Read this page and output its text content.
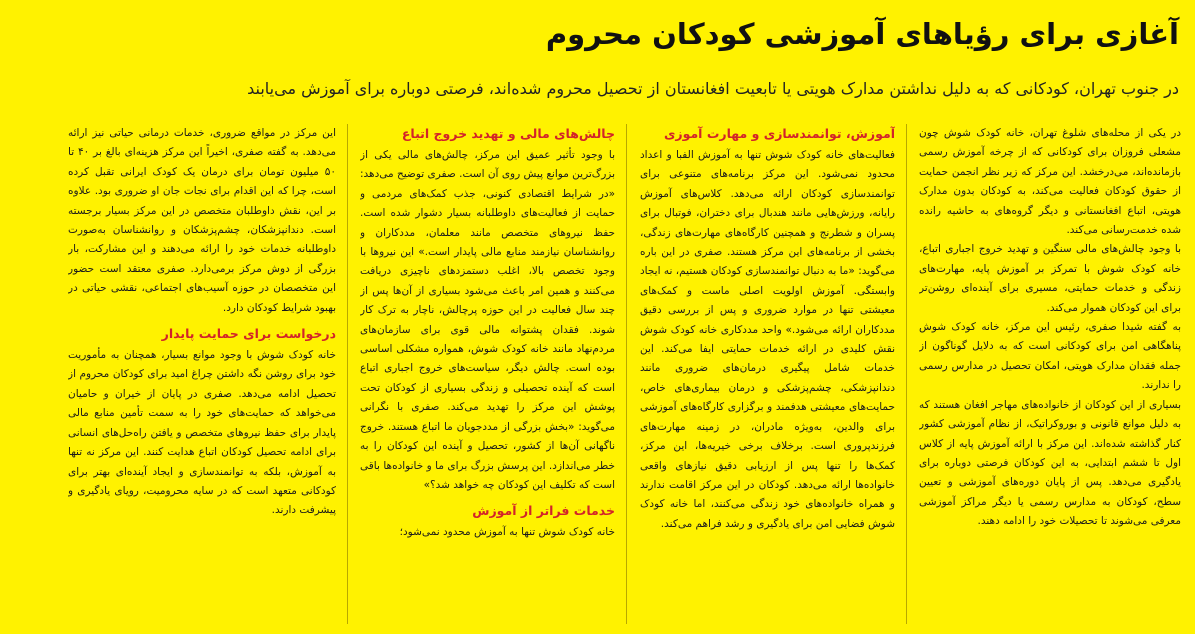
آغازی برای رؤیاهای آموزشی کودکان محروم

در جنوب تهران، کودکانی که به دلیل نداشتن مدارک هویتی یا تابعیت افغانستان از تحصیل محروم شده‌اند، فرصتی دوباره برای آموزش می‌یابند

در یکی از محله‌های شلوغ تهران، خانه کودک شوش چون مشعلی فروزان برای کودکانی که از چرخه آموزش رسمی بازمانده‌اند، می‌درخشد. این مرکز که زیر نظر انجمن حمایت از حقوق کودکان فعالیت می‌کند، به کودکان بدون مدارک هویتی، اتباع افغانستانی و دیگر گروه‌های به حاشیه رانده شده خدمت‌رسانی می‌کند.

با وجود چالش‌های مالی سنگین و تهدید خروج اجباری اتباع، خانه کودک شوش با تمرکز بر آموزش پایه، مهارت‌های زندگی و خدمات حمایتی، مسیری برای آینده‌ای روشن‌تر برای این کودکان هموار می‌کند.

به گفته شیدا صفری، رئیس این مرکز، خانه کودک شوش پناهگاهی امن برای کودکانی است که به دلایل گوناگون از جمله فقدان مدارک هویتی، امکان تحصیل در مدارس رسمی را ندارند.

بسیاری از این کودکان از خانواده‌های مهاجر افغان هستند که به دلیل موانع قانونی و بوروکراتیک، از نظام آموزشی کشور کنار گذاشته شده‌اند. این مرکز با ارائه آموزش پایه از کلاس اول تا ششم ابتدایی، به این کودکان فرصتی دوباره برای یادگیری می‌دهد. پس از پایان دوره‌های آموزشی و تعیین سطح، کودکان به مدارس رسمی یا دیگر مراکز آموزشی معرفی می‌شوند تا تحصیلات خود را ادامه دهند.

آموزش، توانمندسازی و مهارت آموزی

فعالیت‌های خانه کودک شوش تنها به آموزش الفبا و اعداد محدود نمی‌شود. این مرکز برنامه‌های متنوعی برای توانمندسازی کودکان ارائه می‌دهد. کلاس‌های آموزش رایانه، ورزش‌هایی مانند هندبال برای دختران، فوتبال برای پسران و شطرنج و همچنین کارگاه‌های مهارت‌های زندگی، بخشی از برنامه‌های این مرکز هستند. صفری در این باره می‌گوید: «ما به دنبال توانمندسازی کودکان هستیم، نه ایجاد وابستگی. آموزش اولویت اصلی ماست و کمک‌های معیشتی تنها در موارد ضروری و پس از بررسی دقیق مددکاران ارائه می‌شود.» واحد مددکاری خانه کودک شوش نقش کلیدی در ارائه خدمات حمایتی ایفا می‌کند. این خدمات شامل پیگیری درمان‌های ضروری مانند دندانپزشکی، چشم‌پزشکی و درمان بیماری‌های خاص، حمایت‌های معیشتی هدفمند و برگزاری کارگاه‌های آموزشی برای والدین، به‌ویژه مادران، در زمینه مهارت‌های فرزندپروری است. برخلاف برخی خیریه‌ها، این مرکز، کمک‌ها را تنها پس از ارزیابی دقیق نیازهای واقعی خانواده‌ها ارائه می‌دهد. کودکان در این مرکز اقامت ندارند و همراه خانواده‌های خود زندگی می‌کنند، اما خانه کودک شوش فضایی امن برای یادگیری و رشد فراهم می‌کند.

چالش‌های مالی و تهدید خروج اتباع

با وجود تأثیر عمیق این مرکز، چالش‌های مالی یکی از بزرگ‌ترین موانع پیش روی آن است. صفری توضیح می‌دهد: «در شرایط اقتصادی کنونی، جذب کمک‌های مردمی و حمایت از فعالیت‌های داوطلبانه بسیار دشوار شده است. حفظ نیروهای متخصص مانند معلمان، مددکاران و روانشناسان نیازمند منابع مالی پایدار است.» این نیروها با وجود تخصص بالا، اغلب دستمزدهای ناچیزی دریافت می‌کنند و همین امر باعث می‌شود بسیاری از آن‌ها پس از چند سال فعالیت در این حوزه پرچالش، ناچار به ترک کار شوند. فقدان پشتوانه مالی قوی برای سازمان‌های مردم‌نهاد مانند خانه کودک شوش، همواره مشکلی اساسی بوده است. چالش دیگر، سیاست‌های خروج اجباری اتباع است که آینده تحصیلی و زندگی بسیاری از کودکان تحت پوشش این مرکز را تهدید می‌کند. صفری با نگرانی می‌گوید: «بخش بزرگی از مددجویان ما اتباع هستند. خروج ناگهانی آن‌ها از کشور، تحصیل و آینده این کودکان را به خطر می‌اندازد. این پرسش بزرگ برای ما و خانواده‌ها باقی است که تکلیف این کودکان چه خواهد شد؟»

خدمات فراتر از آموزش

خانه کودک شوش تنها به آموزش محدود نمی‌شود؛

این مرکز در مواقع ضروری، خدمات درمانی حیاتی نیز ارائه می‌دهد. به گفته صفری، اخیراً این مرکز هزینه‌ای بالغ بر ۴۰ تا ۵۰ میلیون تومان برای درمان یک کودک ایرانی تقبل کرده است، چرا که این اقدام برای نجات جان او ضروری بود. علاوه بر این، نقش داوطلبان متخصص در این مرکز بسیار برجسته است. دندانپزشکان، چشم‌پزشکان و روانشناسان به‌صورت داوطلبانه خدمات خود را ارائه می‌دهند و این مشارکت، بار بزرگی از دوش مرکز برمی‌دارد. صفری معتقد است حضور این متخصصان در حوزه آسیب‌های اجتماعی، نقشی حیاتی در بهبود شرایط کودکان دارد.

درخواست برای حمایت پایدار

خانه کودک شوش با وجود موانع بسیار، همچنان به مأموریت خود برای روشن نگه داشتن چراغ امید برای کودکان محروم از تحصیل ادامه می‌دهد. صفری در پایان از خیران و حامیان می‌خواهد که حمایت‌های خود را به سمت تأمین منابع مالی پایدار برای حفظ نیروهای متخصص و یافتن راه‌حل‌های انسانی برای ادامه تحصیل کودکان اتباع هدایت کنند. این مرکز نه تنها به آموزش، بلکه به توانمندسازی و ایجاد آینده‌ای بهتر برای کودکانی متعهد است که در سایه محرومیت، رویای یادگیری و پیشرفت دارند.
